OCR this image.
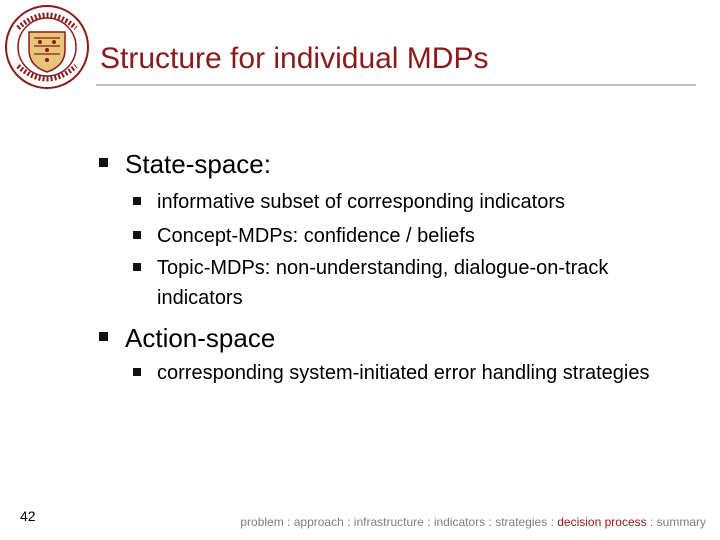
Structure for individual MDPs
State-space:
informative subset of corresponding indicators
Concept-MDPs: confidence / beliefs
Topic-MDPs: non-understanding, dialogue-on-track indicators
Action-space
corresponding system-initiated error handling strategies
42	problem : approach : infrastructure : indicators : strategies : decision process : summary
